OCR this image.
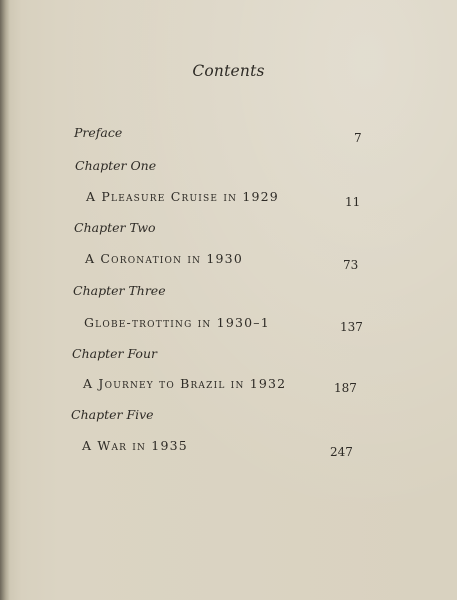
Contents
Preface	7
Chapter One
A Pleasure Cruise in 1929	11
Chapter Two
A Coronation in 1930	73
Chapter Three
Globe-trotting in 1930–1	137
Chapter Four
A Journey to Brazil in 1932	187
Chapter Five
A War in 1935	247
